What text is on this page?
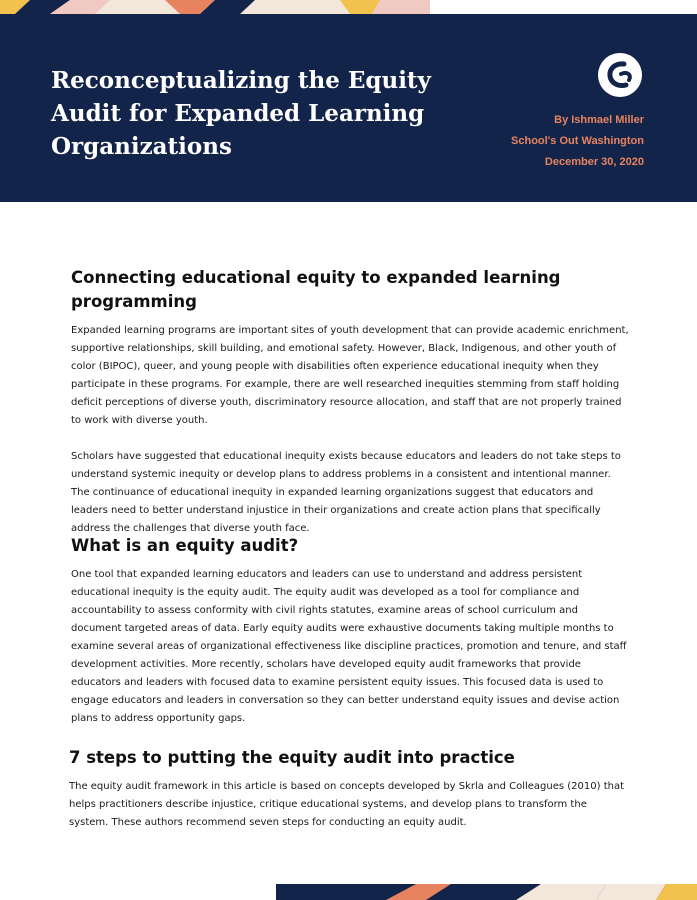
Reconceptualizing the Equity Audit for Expanded Learning Organizations
By Ishmael Miller
School's Out Washington
December 30, 2020
Connecting educational equity to expanded learning programming

Expanded learning programs are important sites of youth development that can provide academic enrichment, supportive relationships, skill building, and emotional safety. However, Black, Indigenous, and other youth of color (BIPOC), queer, and young people with disabilities often experience educational inequity when they participate in these programs. For example, there are well researched inequities stemming from staff holding deficit perceptions of diverse youth, discriminatory resource allocation, and staff that are not properly trained to work with diverse youth.

Scholars have suggested that educational inequity exists because educators and leaders do not take steps to understand systemic inequity or develop plans to address problems in a consistent and intentional manner. The continuance of educational inequity in expanded learning organizations suggest that educators and leaders need to better understand injustice in their organizations and create action plans that specifically address the challenges that diverse youth face.

What is an equity audit?

One tool that expanded learning educators and leaders can use to understand and address persistent educational inequity is the equity audit. The equity audit was developed as a tool for compliance and accountability to assess conformity with civil rights statutes, examine areas of school curriculum and document targeted areas of data. Early equity audits were exhaustive documents taking multiple months to examine several areas of organizational effectiveness like discipline practices, promotion and tenure, and staff development activities. More recently, scholars have developed equity audit frameworks that provide educators and leaders with focused data to examine persistent equity issues. This focused data is used to engage educators and leaders in conversation so they can better understand equity issues and devise action plans to address opportunity gaps.

7 steps to putting the equity audit into practice

The equity audit framework in this article is based on concepts developed by Skrla and Colleagues (2010) that helps practitioners describe injustice, critique educational systems, and develop plans to transform the system. These authors recommend seven steps for conducting an equity audit.
